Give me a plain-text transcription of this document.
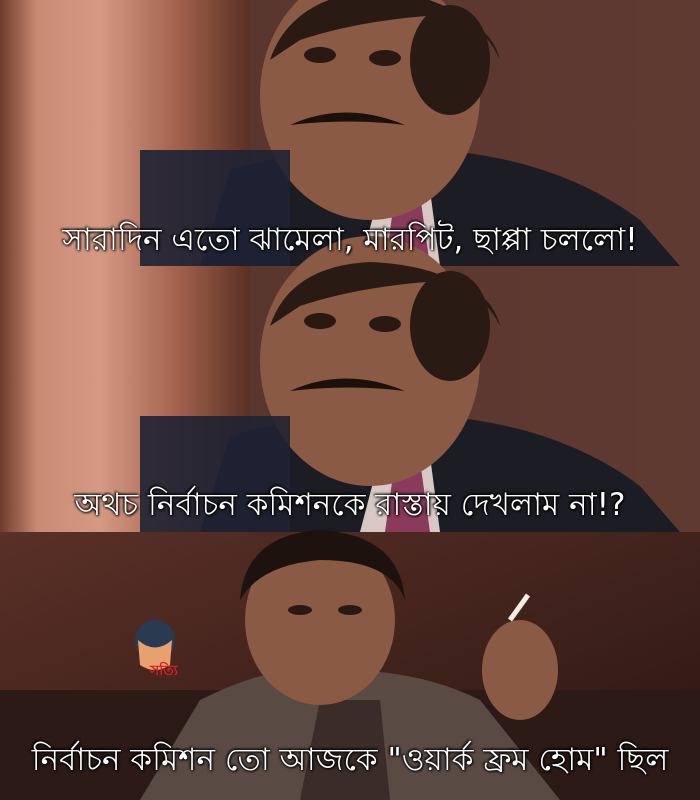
সত্যি
সারাদিন এতো ঝামেলা, মারপিট, ছাপ্পা চললো!
অথচ নির্বাচন কমিশনকে রাস্তায় দেখলাম না!?
নির্বাচন কমিশন তো আজকে "ওয়ার্ক ফ্রম হোম" ছিল
